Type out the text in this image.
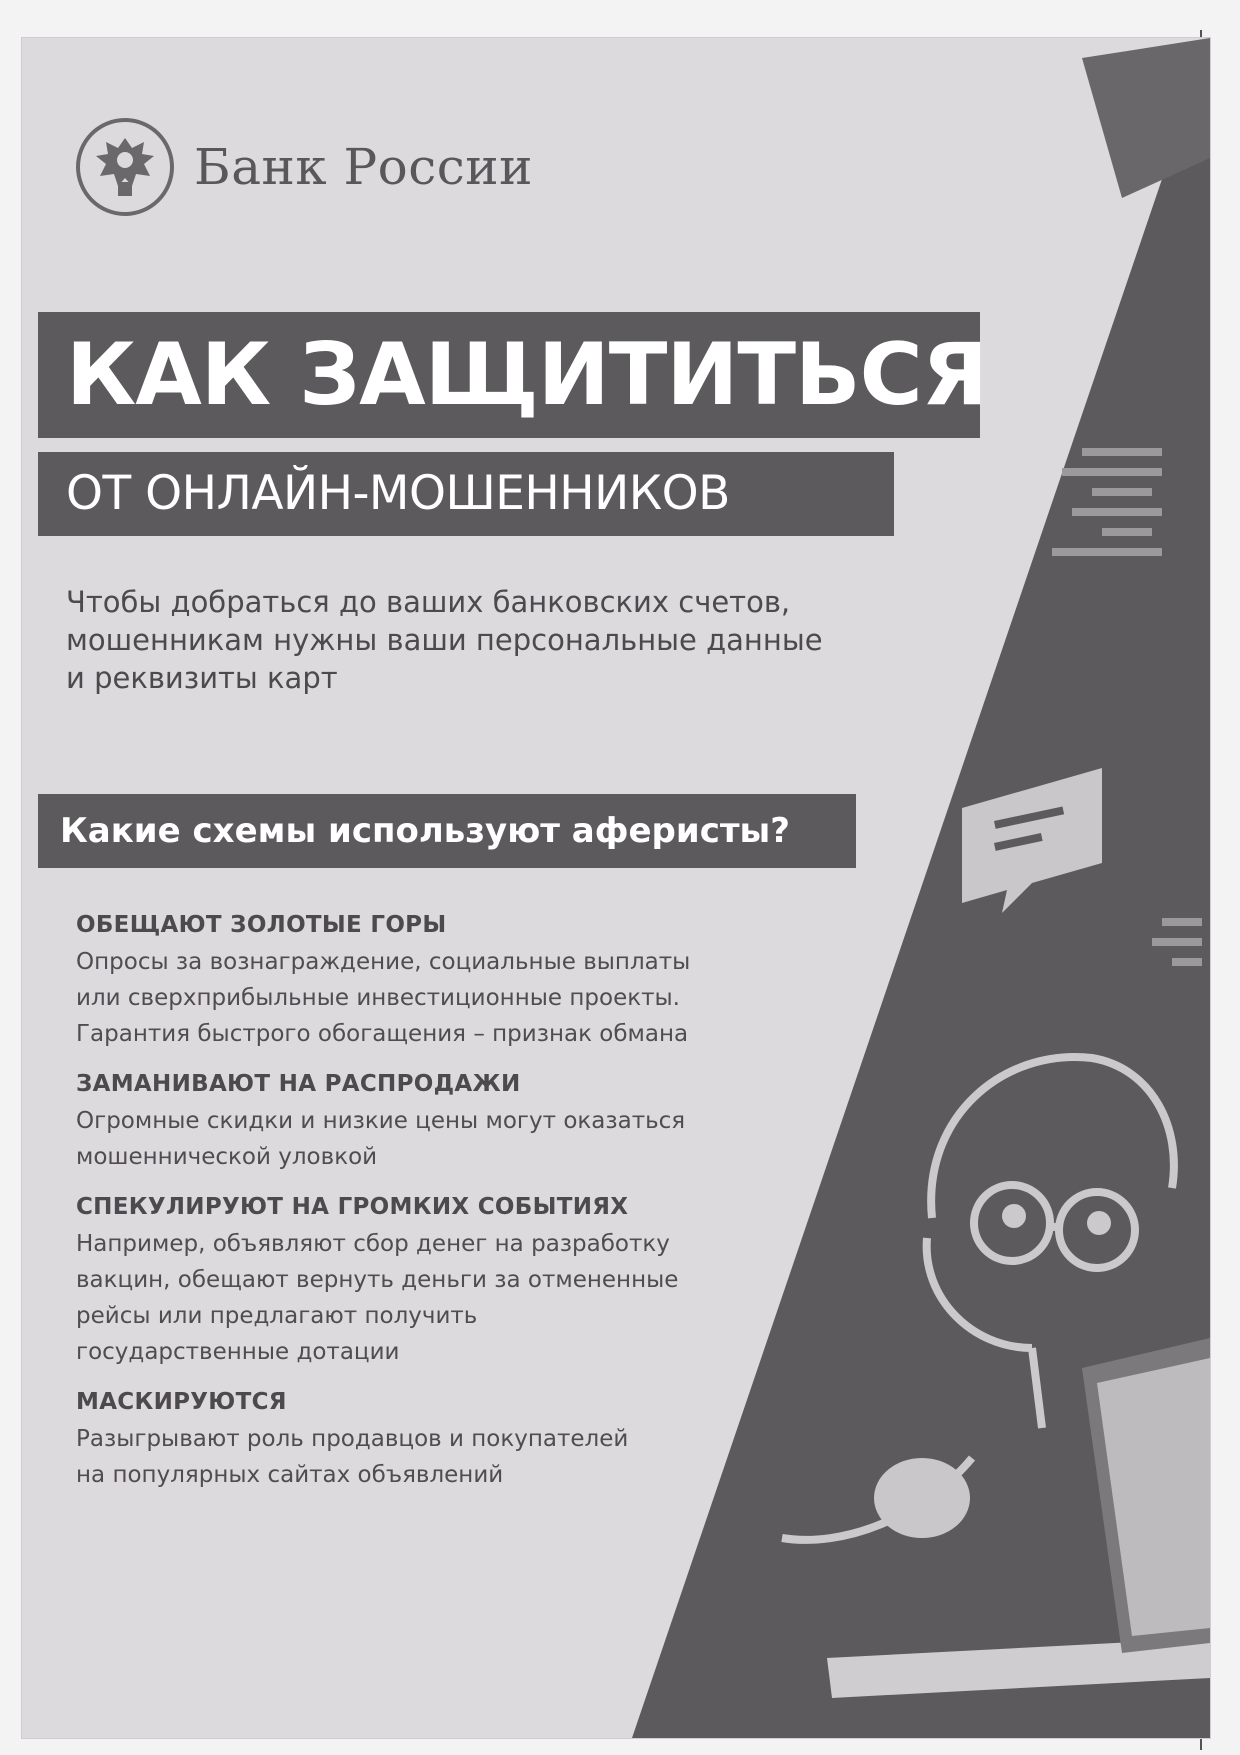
Банк России
КАК ЗАЩИТИТЬСЯ
ОТ ОНЛАЙН-МОШЕННИКОВ

Чтобы добраться до ваших банковских счетов,
мошенникам нужны ваши персональные данные
и реквизиты карт

Какие схемы используют аферисты?

ОБЕЩАЮТ ЗОЛОТЫЕ ГОРЫ

Опросы за вознаграждение, социальные выплаты
или сверхприбыльные инвестиционные проекты.
Гарантия быстрого обогащения – признак обмана

ЗАМАНИВАЮТ НА РАСПРОДАЖИ

Огромные скидки и низкие цены могут оказаться
мошеннической уловкой

СПЕКУЛИРУЮТ НА ГРОМКИХ СОБЫТИЯХ

Например, объявляют сбор денег на разработку
вакцин, обещают вернуть деньги за отмененные
рейсы или предлагают получить
государственные дотации

МАСКИРУЮТСЯ

Разыгрывают роль продавцов и покупателей
на популярных сайтах объявлений
